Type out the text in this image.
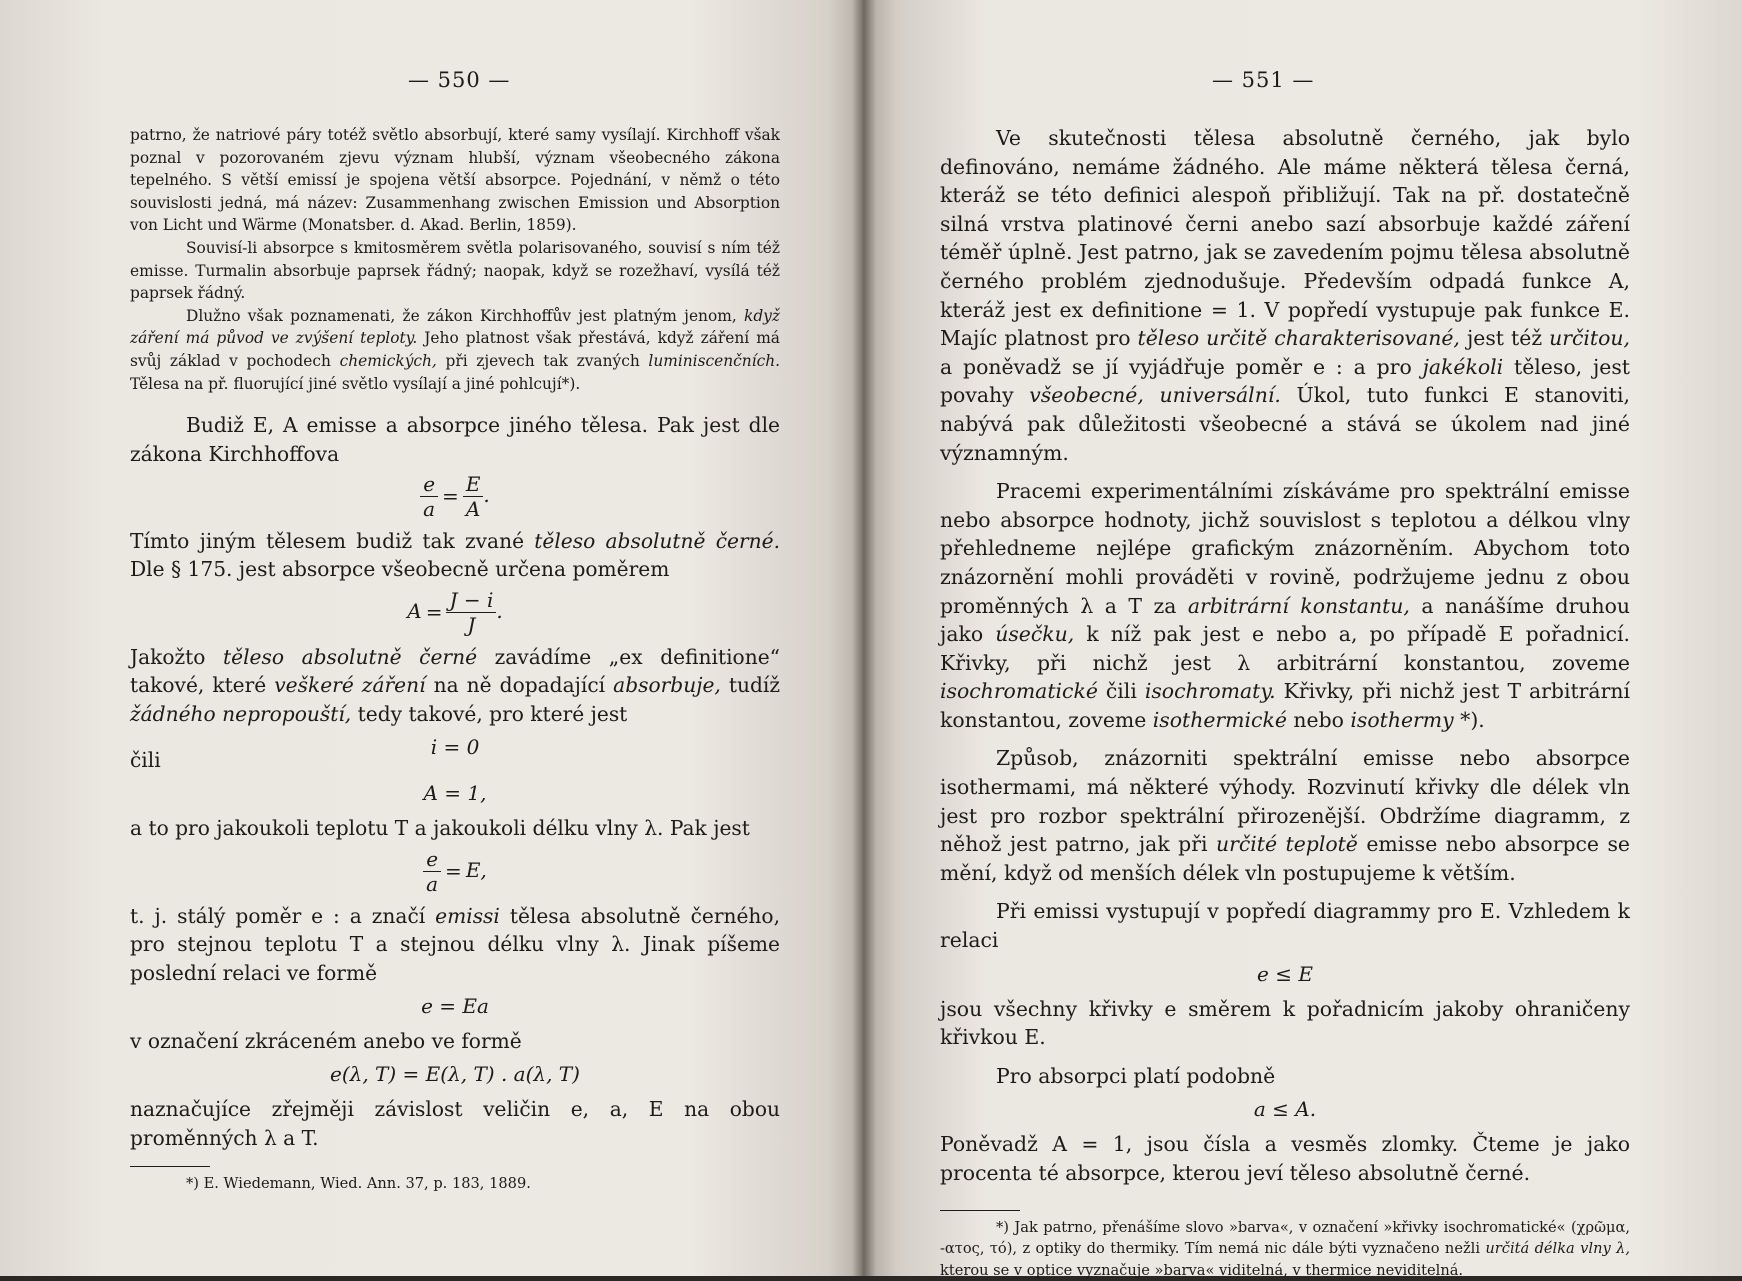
— 550 —

patrno, že natriové páry totéž světlo absorbují, které samy vysílají. Kirchhoff však poznal v pozorovaném zjevu význam hlubší, význam všeobecného zákona tepelného. S větší emissí je spojena větší absorpce. Pojednání, v němž o této souvislosti jedná, má název: Zusammenhang zwischen Emission und Absorption von Licht und Wärme (Monatsber. d. Akad. Berlin, 1859).

Souvisí-li absorpce s kmitosměrem světla polarisovaného, souvisí s ním též emisse. Turmalin absorbuje paprsek řádný; naopak, když se rozežhaví, vysílá též paprsek řádný.

Dlužno však poznamenati, že zákon Kirchhoffův jest platným jenom, když záření má původ ve zvýšení teploty. Jeho platnost však přestává, když záření má svůj základ v pochodech chemických, při zjevech tak zvaných luminiscenčních. Tělesa na př. fluorující jiné světlo vysílají a jiné pohlcují*).

Budiž E, A emisse a absorpce jiného tělesa. Pak jest dle zákona Kirchhoffova

$\frac{e}{a} = \frac{E}{A}$ .

Tímto jiným tělesem budiž tak zvané těleso absolutně černé. Dle § 175. jest absorpce všeobecně určena poměrem

$A = \frac{J - i}{J}$ .

Jakožto těleso absolutně černé zavádíme „ex definitione“ takové, které veškeré záření na ně dopadající absorbuje, tudíž žádného nepropouští, tedy takové, pro které jest

i = 0

čili

A = 1,

a to pro jakoukoli teplotu T a jakoukoli délku vlny λ. Pak jest

$\frac{e}{a} = E$,

t. j. stálý poměr e : a značí emissi tělesa absolutně černého, pro stejnou teplotu T a stejnou délku vlny λ. Jinak píšeme poslední relaci ve formě

e = Ea

v označení zkráceném anebo ve formě

e(λ, T) = E(λ, T) . a(λ, T)

naznačujíce zřejměji závislost veličin e, a, E na obou proměnných λ a T.

*) E. Wiedemann, Wied. Ann. 37, p. 183, 1889.

— 551 —

Ve skutečnosti tělesa absolutně černého, jak bylo definováno, nemáme žádného. Ale máme některá tělesa černá, kteráž se této definici alespoň přibližují. Tak na př. dostatečně silná vrstva platinové černi anebo sazí absorbuje každé záření téměř úplně. Jest patrno, jak se zavedením pojmu tělesa absolutně černého problém zjednodušuje. Především odpadá funkce A, kteráž jest ex definitione = 1. V popředí vystupuje pak funkce E. Majíc platnost pro těleso určitě charakterisované, jest též určitou, a poněvadž se jí vyjádřuje poměr e : a pro jakékoli těleso, jest povahy všeobecné, universální. Úkol, tuto funkci E stanoviti, nabývá pak důležitosti všeobecné a stává se úkolem nad jiné významným.

Pracemi experimentálními získáváme pro spektrální emisse nebo absorpce hodnoty, jichž souvislost s teplotou a délkou vlny přehledneme nejlépe grafickým znázorněním. Abychom toto znázornění mohli prováděti v rovině, podržujeme jednu z obou proměnných λ a T za arbitrární konstantu, a nanášíme druhou jako úsečku, k níž pak jest e nebo a, po případě E pořadnicí. Křivky, při nichž jest λ arbitrární konstantou, zoveme isochromatické čili isochromaty. Křivky, při nichž jest T arbitrární konstantou, zoveme isothermické nebo isothermy *).

Způsob, znázorniti spektrální emisse nebo absorpce isothermami, má některé výhody. Rozvinutí křivky dle délek vln jest pro rozbor spektrální přirozenější. Obdržíme diagramm, z něhož jest patrno, jak při určité teplotě emisse nebo absorpce se mění, když od menších délek vln postupujeme k větším.

Při emissi vystupují v popředí diagrammy pro E. Vzhledem k relaci

e ≤ E

jsou všechny křivky e směrem k pořadnicím jakoby ohraničeny křivkou E.

Pro absorpci platí podobně

a ≤ A.

Poněvadž A = 1, jsou čísla a vesměs zlomky. Čteme je jako procenta té absorpce, kterou jeví těleso absolutně černé.

*) Jak patrno, přenášíme slovo »barva«, v označení »křivky isochromatické« (χρῶμα, -ατος, τό), z optiky do thermiky. Tím nemá nic dále býti vyznačeno nežli určitá délka vlny λ, kterou se v optice vyznačuje »barva« viditelná, v thermice neviditelná.
